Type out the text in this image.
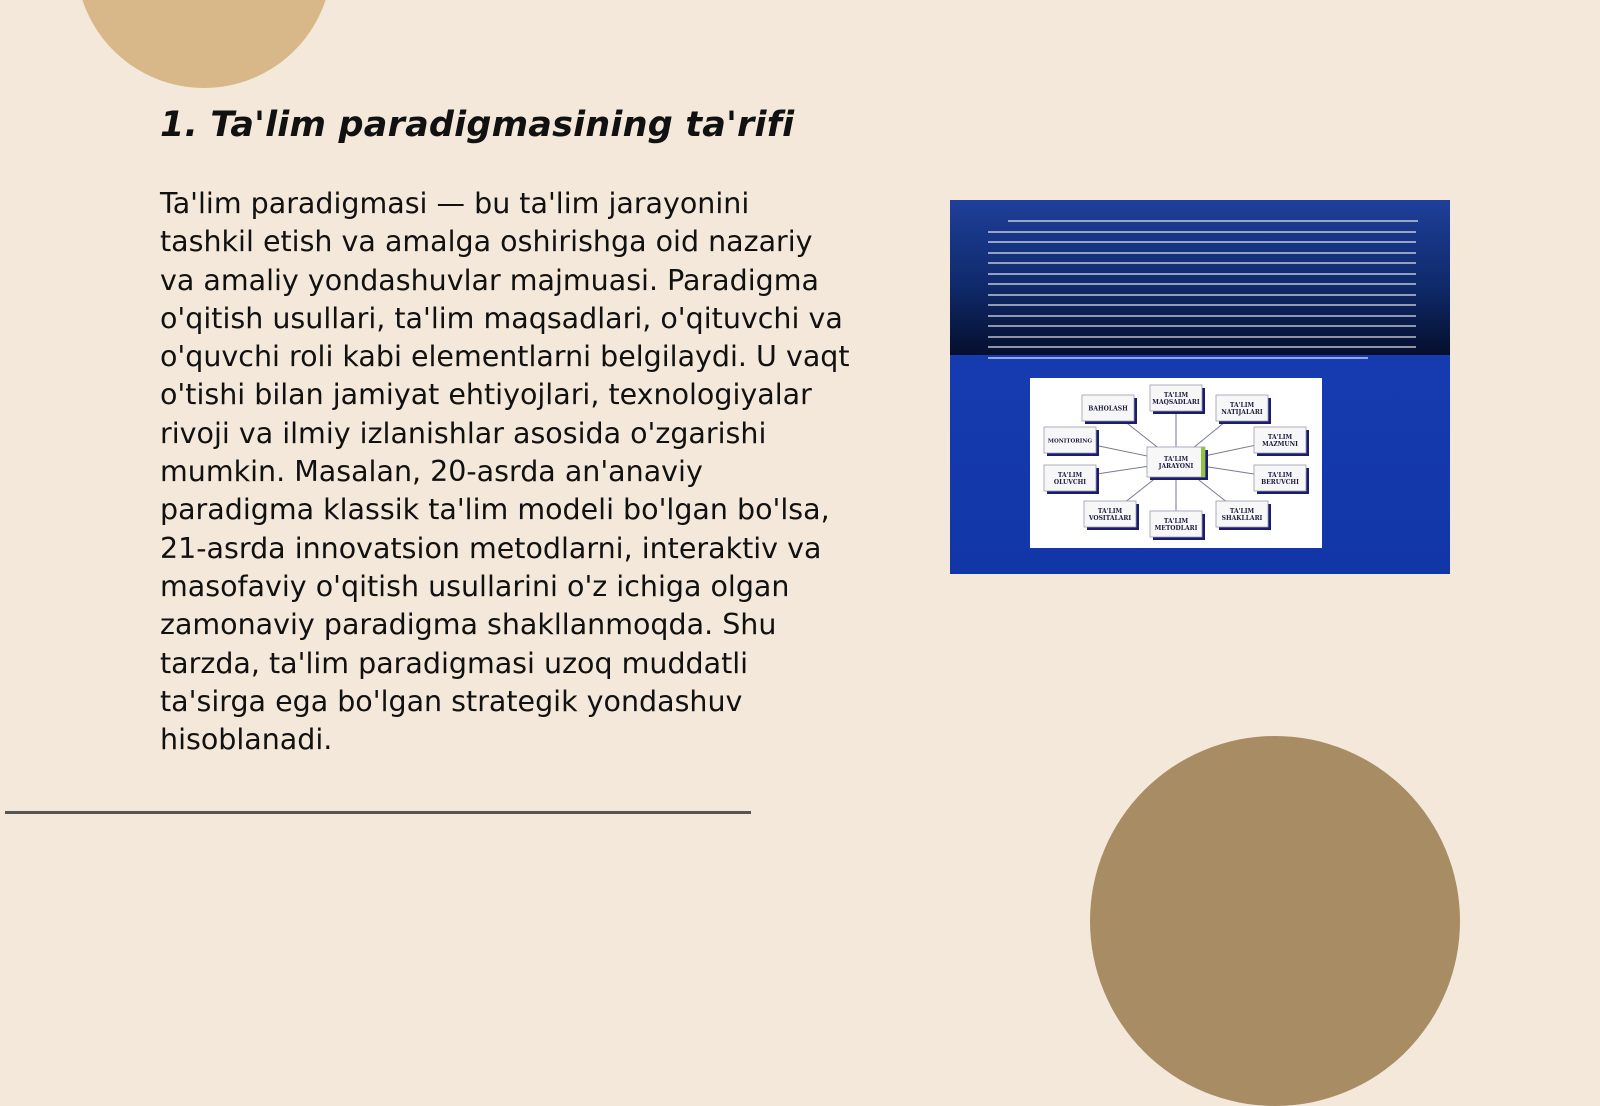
1. Ta'lim paradigmasining ta'rifi

Ta'lim paradigmasi — bu ta'lim jarayonini tashkil etish va amalga oshirishga oid nazariy va amaliy yondashuvlar majmuasi. Paradigma o'qitish usullari, ta'lim maqsadlari, o'qituvchi va o'quvchi roli kabi elementlarni belgilaydi. U vaqt o'tishi bilan jamiyat ehtiyojlari, texnologiyalar rivoji va ilmiy izlanishlar asosida o'zgarishi mumkin. Masalan, 20-asrda an'anaviy paradigma klassik ta'lim modeli bo'lgan bo'lsa, 21-asrda innovatsion metodlarni, interaktiv va masofaviy o'qitish usullarini o'z ichiga olgan zamonaviy paradigma shakllanmoqda. Shu tarzda, ta'lim paradigmasi uzoq muddatli ta'sirga ega bo'lgan strategik yondashuv hisoblanadi.

TA'LIM
MAQSADLARI
TA'LIM
MAZMUNI
TA'LIM
BERUVCHI
TA'LIM
SHAKLLARI
TA'LIM
METODLARI
TA'LIM
VOSITALARI
TA'LIM
OLUVCHI
MONITORING
BAHOLASH	TA'LIM
NATIJALARI
TA'LIM
JARAYONI
